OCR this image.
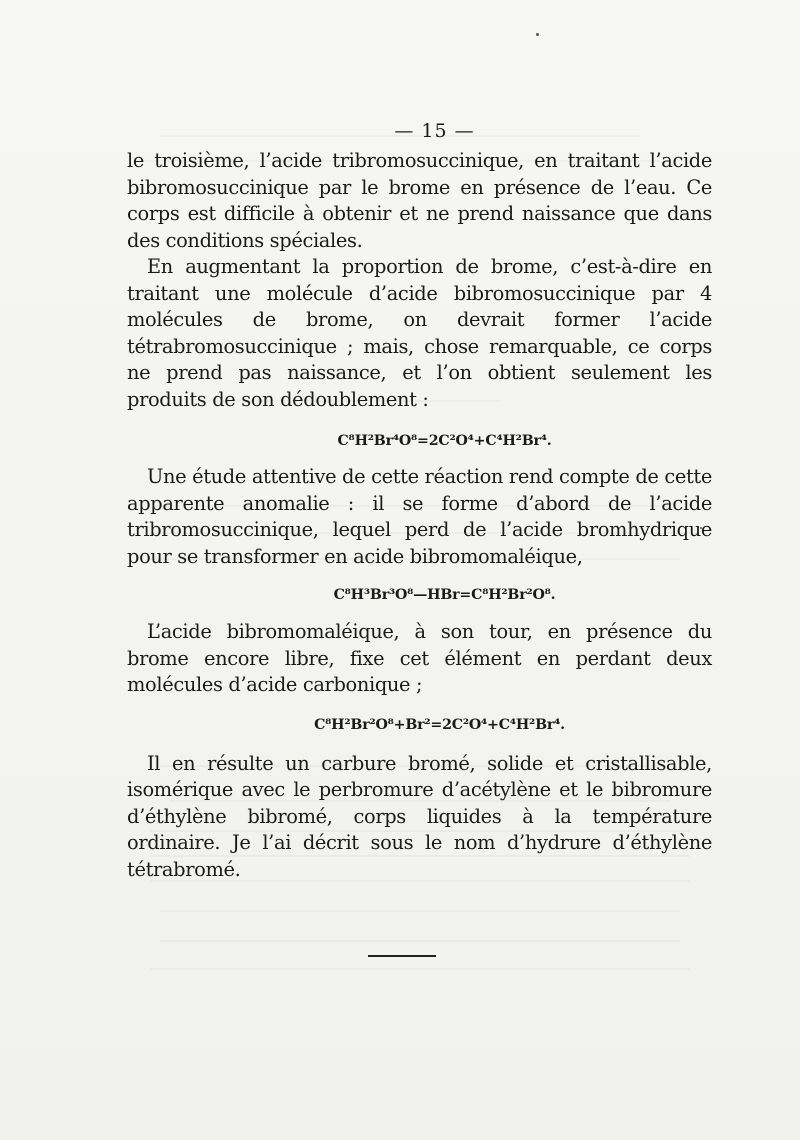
— 15 —

le troisième, l’acide tribromosuccinique, en traitant l’acide bibromosuccinique par le brome en présence de l’eau. Ce corps est difficile à obtenir et ne prend naissance que dans des conditions spéciales.

En augmentant la proportion de brome, c’est-à-dire en traitant une molécule d’acide bibromosuccinique par 4 molécules de brome, on devrait former l’acide tétrabromosuccinique ; mais, chose remarquable, ce corps ne prend pas naissance, et l’on obtient seulement les produits de son dédoublement :

C⁸H²Br⁴O⁸=2C²O⁴+C⁴H²Br⁴.

Une étude attentive de cette réaction rend compte de cette apparente anomalie : il se forme d’abord de l’acide tribromosuccinique, lequel perd de l’acide bromhydrique pour se transformer en acide bibromomaléique,

C⁸H³Br³O⁸—HBr=C⁸H²Br²O⁸.

L’acide bibromomaléique, à son tour, en présence du brome encore libre, fixe cet élément en perdant deux molécules d’acide carbonique ;

C⁸H²Br²O⁸+Br²=2C²O⁴+C⁴H²Br⁴.

Il en résulte un carbure bromé, solide et cristallisable, isomérique avec le perbromure d’acétylène et le bibromure d’éthylène bibromé, corps liquides à la température ordinaire. Je l’ai décrit sous le nom d’hydrure d’éthylène tétrabromé.
